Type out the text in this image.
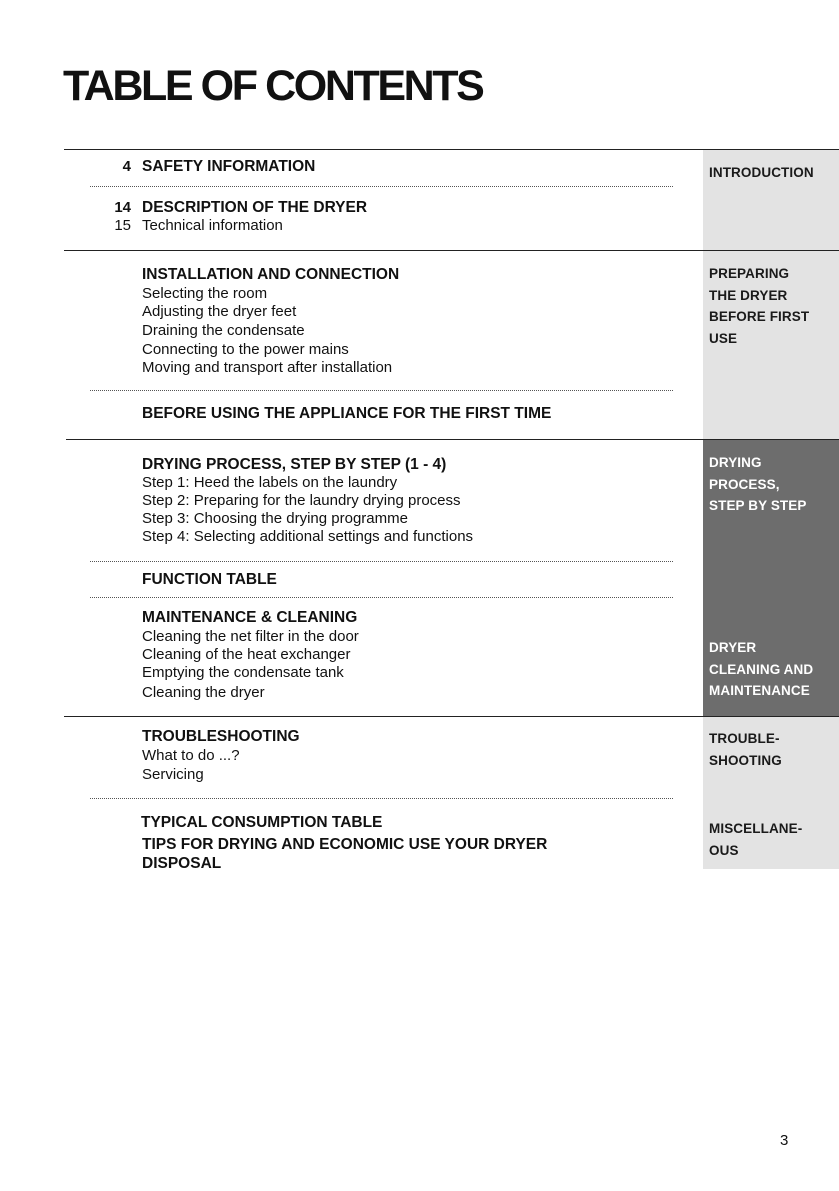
TABLE OF CONTENTS
INTRODUCTION
PREPARING
THE DRYER
BEFORE FIRST
USE
DRYING
PROCESS,
STEP BY STEP
DRYER
CLEANING AND
MAINTENANCE
TROUBLE-
SHOOTING
MISCELLANE-
OUS
4 SAFETY INFORMATION
14 DESCRIPTION OF THE DRYER
15 Technical information
INSTALLATION AND CONNECTION
Selecting the room
Adjusting the dryer feet
Draining the condensate
Connecting to the power mains
Moving and transport after installation
BEFORE USING THE APPLIANCE FOR THE FIRST TIME
DRYING PROCESS, STEP BY STEP (1 - 4)
Step 1: Heed the labels on the laundry
Step 2: Preparing for the laundry drying process
Step 3: Choosing the drying programme
Step 4: Selecting additional settings and functions
FUNCTION TABLE
MAINTENANCE & CLEANING
Cleaning the net filter in the door
Cleaning of the heat exchanger
Emptying the condensate tank
Cleaning the dryer
TROUBLESHOOTING
What to do ...?
Servicing
TYPICAL CONSUMPTION TABLE
TIPS FOR DRYING AND ECONOMIC USE YOUR DRYER
DISPOSAL
3
